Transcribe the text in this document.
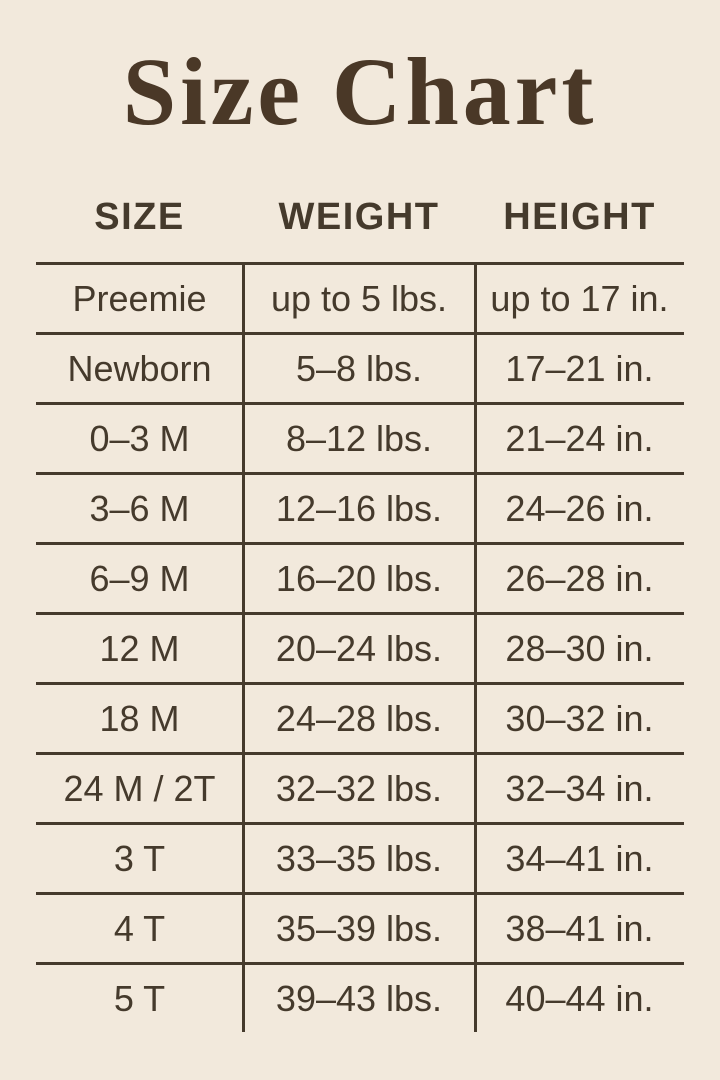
Size Chart
SIZE	WEIGHT	HEIGHT
Preemie	up to 5 lbs.	up to 17 in.
Newborn	5–8 lbs.	17–21 in.
0–3 M	8–12 lbs.	21–24 in.
3–6 M	12–16 lbs.	24–26 in.
6–9 M	16–20 lbs.	26–28 in.
12 M	20–24 lbs.	28–30 in.
18 M	24–28 lbs.	30–32 in.
24 M / 2T	32–32 lbs.	32–34 in.
3 T	33–35 lbs.	34–41 in.
4 T	35–39 lbs.	38–41 in.
5 T	39–43 lbs.	40–44 in.
